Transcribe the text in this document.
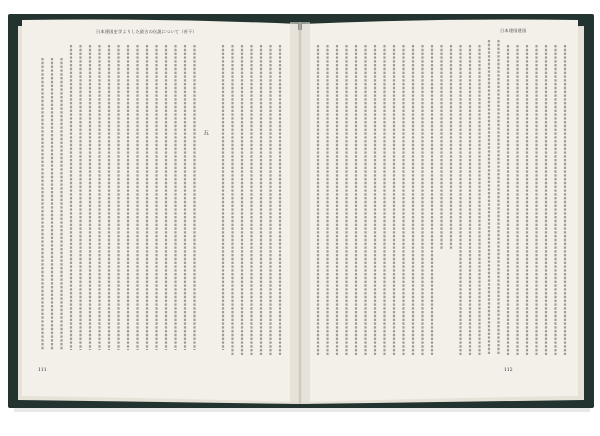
日本建国史学よりした最古の伝説について（若干）	日本建国建国
五
111	112
